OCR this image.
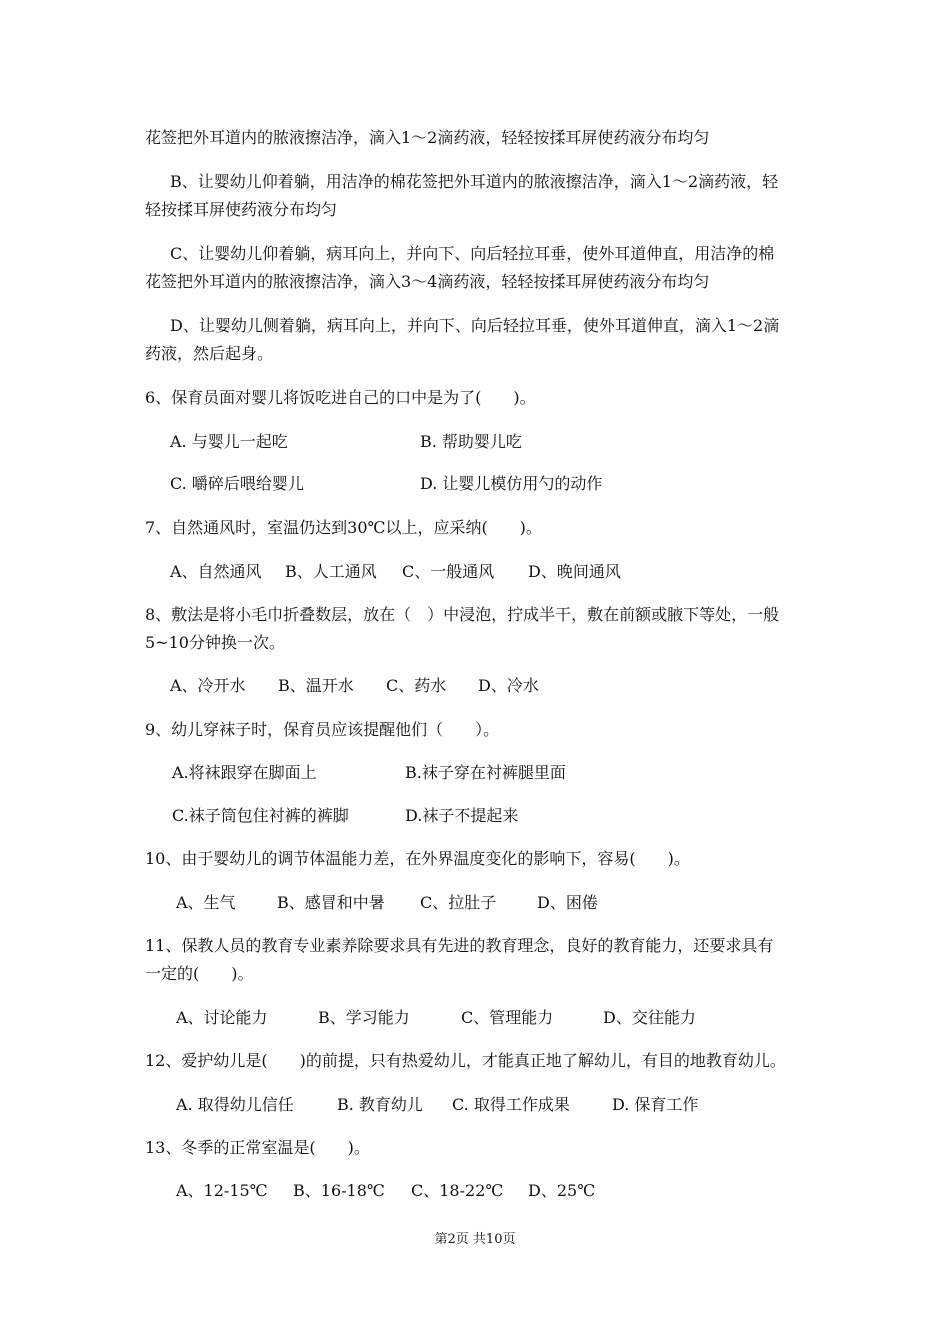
花签把外耳道内的脓液擦洁净，滴入1～2滴药液，轻轻按揉耳屏使药液分布均匀
B、让婴幼儿仰着躺，用洁净的棉花签把外耳道内的脓液擦洁净，滴入1～2滴药液，轻
轻按揉耳屏使药液分布均匀
C、让婴幼儿仰着躺，病耳向上，并向下、向后轻拉耳垂，使外耳道伸直，用洁净的棉
花签把外耳道内的脓液擦洁净，滴入3～4滴药液，轻轻按揉耳屏使药液分布均匀
D、让婴幼儿侧着躺，病耳向上，并向下、向后轻拉耳垂，使外耳道伸直，滴入1～2滴
药液，然后起身。
6、保育员面对婴儿将饭吃进自己的口中是为了(　　)。
A. 与婴儿一起吃	B. 帮助婴儿吃
C. 嚼碎后喂给婴儿	D. 让婴儿模仿用勺的动作
7、自然通风时，室温仍达到30℃以上，应采纳(　　)。
A、自然通风 B、人工通风 C、一般通风 D、晚间通风
8、敷法是将小毛巾折叠数层，放在（　）中浸泡，拧成半干，敷在前额或腋下等处，一般
5~10分钟换一次。
A、冷开水 B、温开水 C、药水 D、冷水
9、幼儿穿袜子时，保育员应该提醒他们（　　）。
A.将袜跟穿在脚面上	B.袜子穿在衬裤腿里面
C.袜子筒包住衬裤的裤脚	D.袜子不提起来
10、由于婴幼儿的调节体温能力差，在外界温度变化的影响下，容易(　　)。
A、生气	B、感冒和中暑 C、拉肚子	D、困倦
11、保教人员的教育专业素养除要求具有先进的教育理念，良好的教育能力，还要求具有
一定的(　　)。
A、讨论能力	B、学习能力	C、管理能力	D、交往能力
12、爱护幼儿是(　　)的前提，只有热爱幼儿，才能真正地了解幼儿，有目的地教育幼儿。
A. 取得幼儿信任	B. 教育幼儿 C. 取得工作成果	D. 保育工作
13、冬季的正常室温是(　　)。
A、12-15℃ B、16-18℃ C、18-22℃ D、25℃
第2页 共10页
